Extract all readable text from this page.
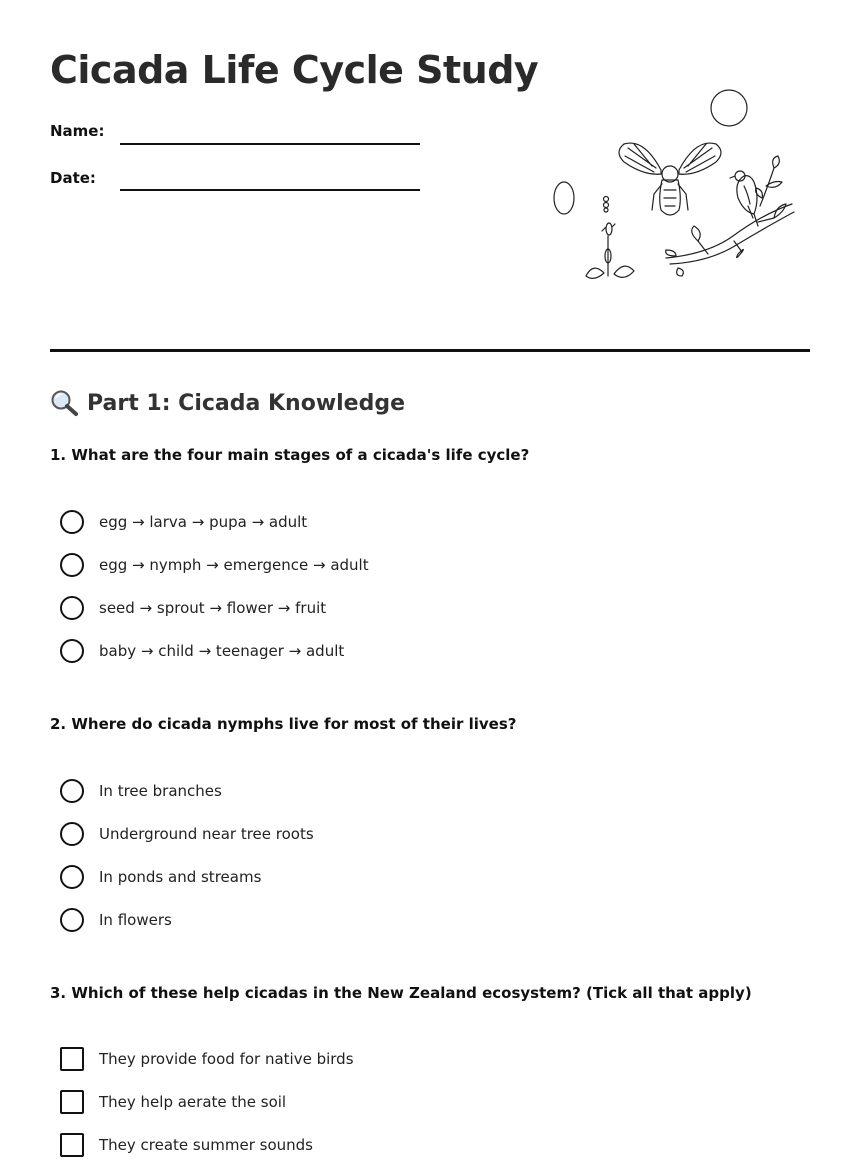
Cicada Life Cycle Study
Name:
Date:
Part 1: Cicada Knowledge

1. What are the four main stages of a cicada's life cycle?

egg → larva → pupa → adult
egg → nymph → emergence → adult
seed → sprout → flower → fruit
baby → child → teenager → adult

2. Where do cicada nymphs live for most of their lives?

In tree branches
Underground near tree roots
In ponds and streams
In flowers

3. Which of these help cicadas in the New Zealand ecosystem? (Tick all that apply)

They provide food for native birds
They help aerate the soil
They create summer sounds
